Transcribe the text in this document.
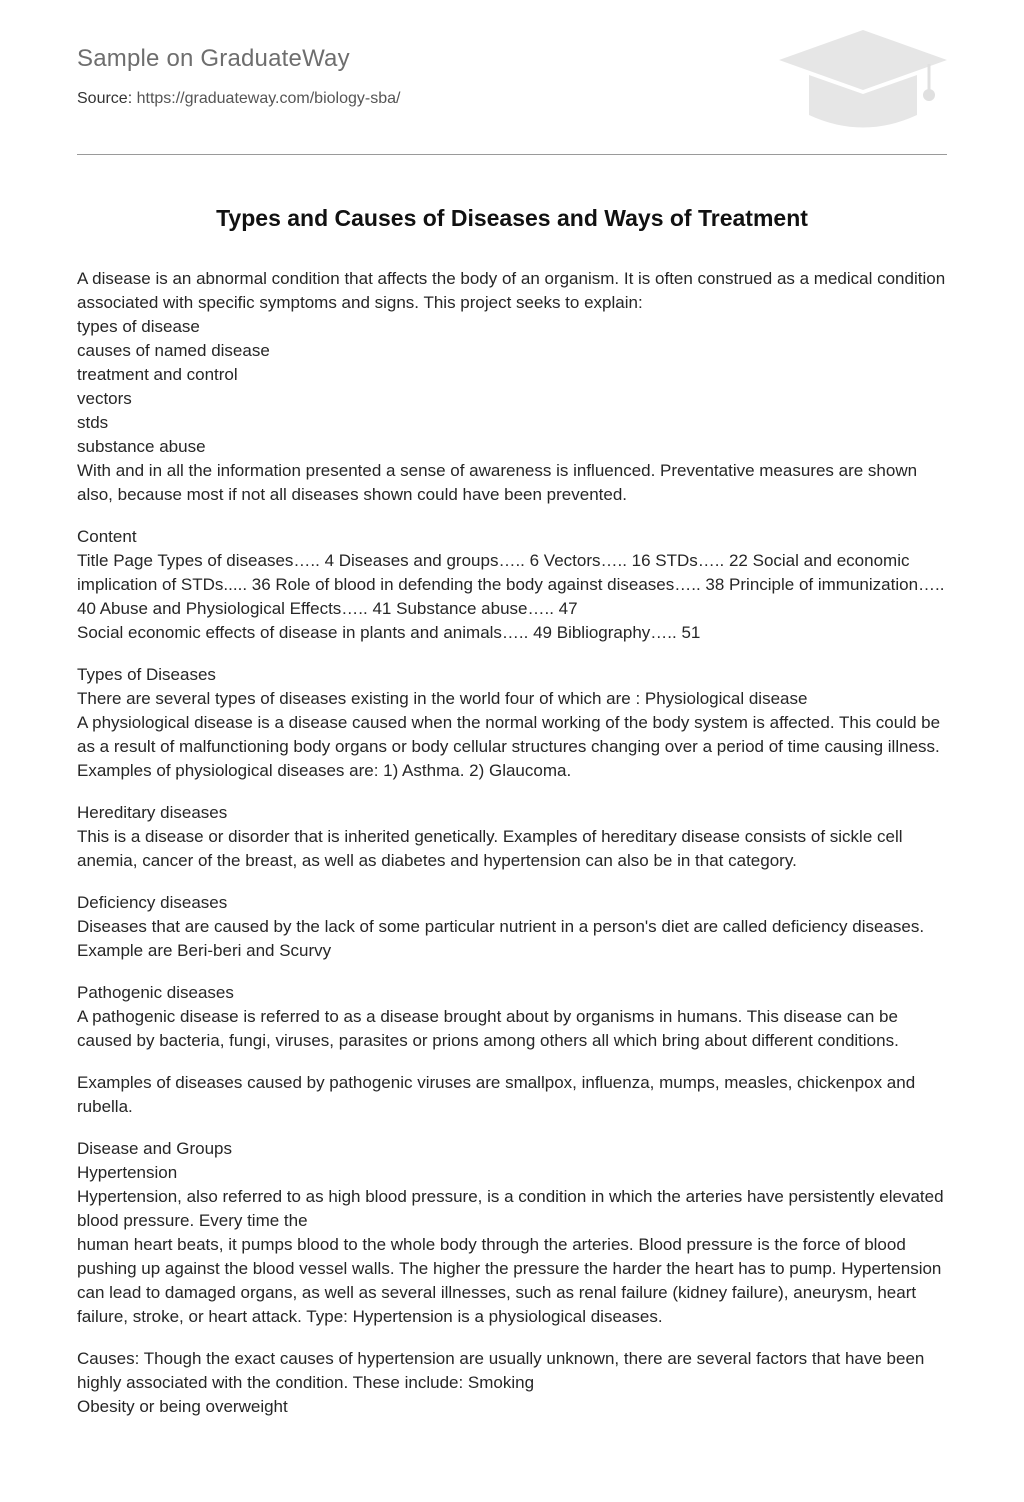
Sample on GraduateWay
Source: https://graduateway.com/biology-sba/
Types and Causes of Diseases and Ways of Treatment

A disease is an abnormal condition that affects the body of an organism. It is often construed as a medical condition associated with specific symptoms and signs. This project seeks to explain:
types of disease
causes of named disease
treatment and control
vectors
stds
substance abuse
With and in all the information presented a sense of awareness is influenced. Preventative measures are shown also, because most if not all diseases shown could have been prevented.

Content
Title Page Types of diseases….. 4 Diseases and groups….. 6 Vectors….. 16 STDs….. 22 Social and economic implication of STDs..... 36 Role of blood in defending the body against diseases….. 38 Principle of immunization….. 40 Abuse and Physiological Effects….. 41 Substance abuse….. 47
Social economic effects of disease in plants and animals….. 49 Bibliography….. 51

Types of Diseases
There are several types of diseases existing in the world four of which are : Physiological disease
A physiological disease is a disease caused when the normal working of the body system is affected. This could be as a result of malfunctioning body organs or body cellular structures changing over a period of time causing illness. Examples of physiological diseases are: 1) Asthma. 2) Glaucoma.

Hereditary diseases
This is a disease or disorder that is inherited genetically. Examples of hereditary disease consists of sickle cell anemia, cancer of the breast, as well as diabetes and hypertension can also be in that category.

Deficiency diseases
Diseases that are caused by the lack of some particular nutrient in a person's diet are called deficiency diseases. Example are Beri-beri and Scurvy

Pathogenic diseases
A pathogenic disease is referred to as a disease brought about by organisms in humans. This disease can be caused by bacteria, fungi, viruses, parasites or prions among others all which bring about different conditions.

Examples of diseases caused by pathogenic viruses are smallpox, influenza, mumps, measles, chickenpox and rubella.

Disease and Groups
Hypertension
Hypertension, also referred to as high blood pressure, is a condition in which the arteries have persistently elevated blood pressure. Every time the
human heart beats, it pumps blood to the whole body through the arteries. Blood pressure is the force of blood pushing up against the blood vessel walls. The higher the pressure the harder the heart has to pump. Hypertension can lead to damaged organs, as well as several illnesses, such as renal failure (kidney failure), aneurysm, heart failure, stroke, or heart attack. Type: Hypertension is a physiological diseases.

Causes: Though the exact causes of hypertension are usually unknown, there are several factors that have been highly associated with the condition. These include: Smoking
Obesity or being overweight
